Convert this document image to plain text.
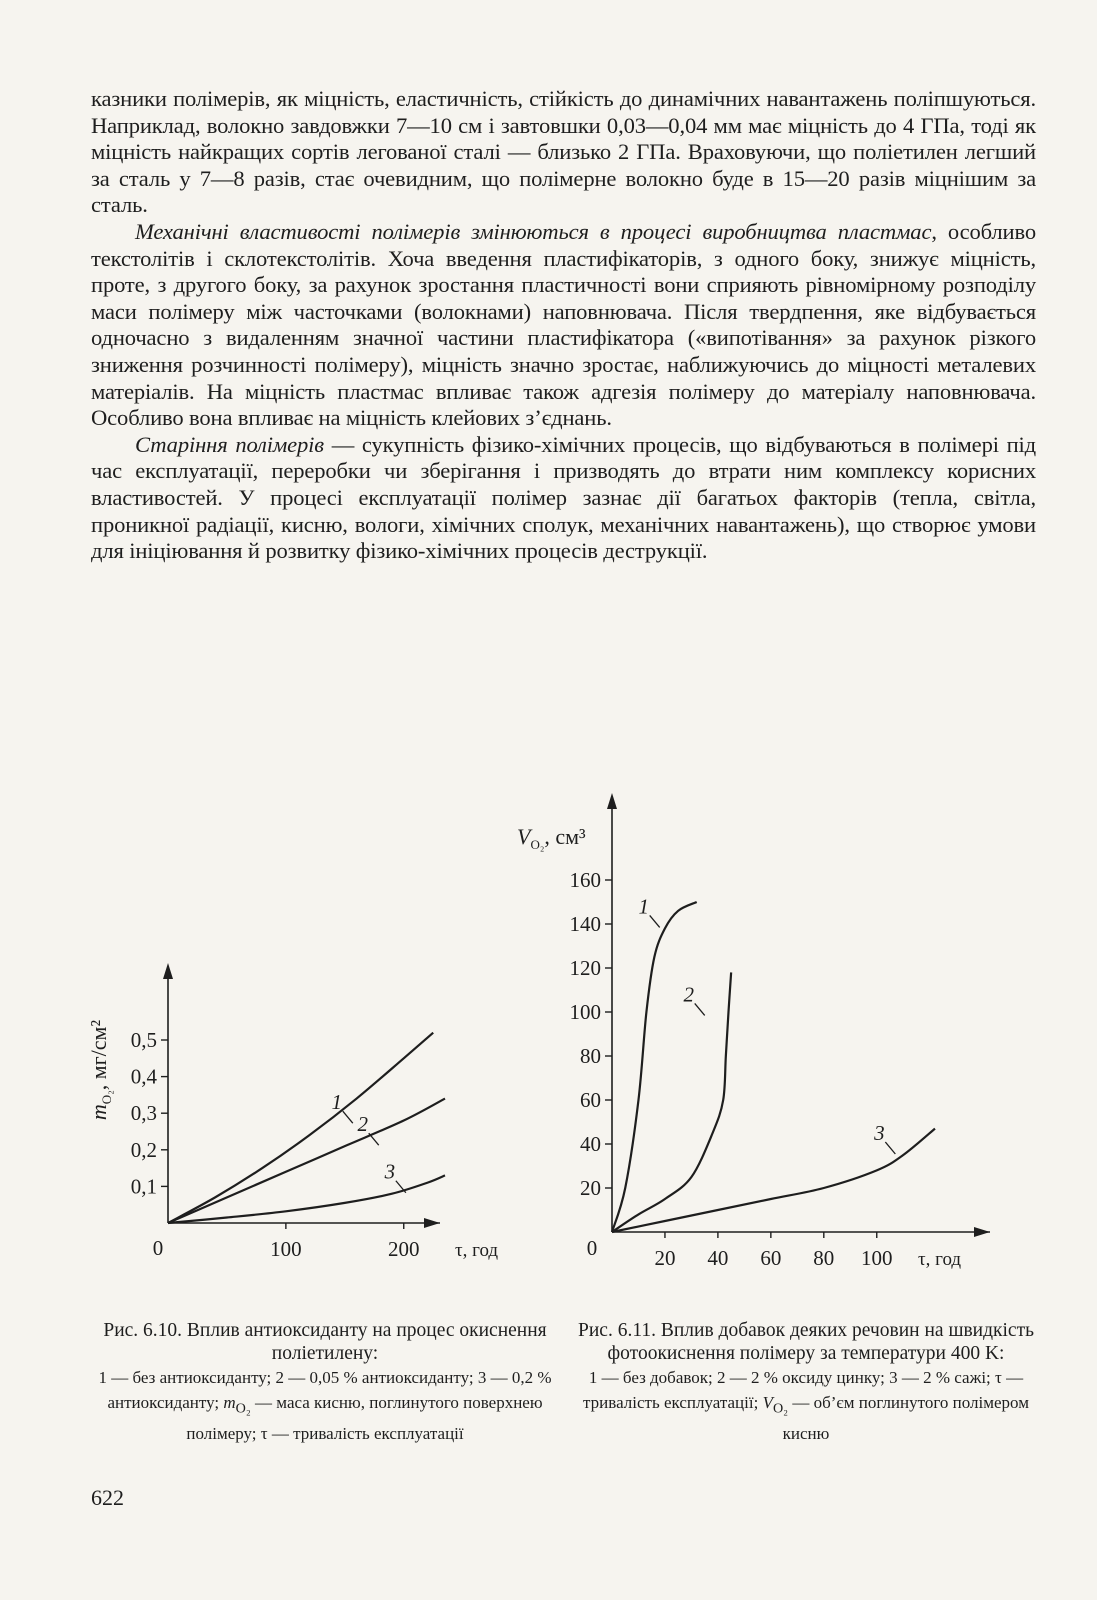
казники полімерів, як міцність, еластичність, стійкість до динамічних навантажень поліпшуються. Наприклад, волокно завдовжки 7—10 см і завтовшки 0,03—0,04 мм має міцність до 4 ГПа, тоді як міцність найкращих сортів легованої сталі — близько 2 ГПа. Враховуючи, що поліетилен легший за сталь у 7—8 разів, стає очевидним, що полімерне волокно буде в 15—20 разів міцнішим за сталь.

Механічні властивості полімерів змінюються в процесі виробництва пластмас, особливо текстолітів і склотекстолітів. Хоча введення пластифікаторів, з одного боку, знижує міцність, проте, з другого боку, за рахунок зростання пластичності вони сприяють рівномірному розподілу маси полімеру між часточками (волокнами) наповнювача. Після твердпення, яке відбувається одночасно з видаленням значної частини пластифікатора («випотівання» за рахунок різкого зниження розчинності полімеру), міцність значно зростає, наближуючись до міцності металевих матеріалів. На міцність пластмас впливає також адгезія полімеру до матеріалу наповнювача. Особливо вона впливає на міцність клейових з’єднань.

Старіння полімерів — сукупність фізико-хімічних процесів, що відбуваються в полімері під час експлуатації, переробки чи зберігання і призводять до втрати ним комплексу корисних властивостей. У процесі експлуатації полімер зазнає дії багатьох факторів (тепла, світла, проникної радіації, кисню, вологи, хімічних сполук, механічних навантажень), що створює умови для ініціювання й розвитку фізико-хімічних процесів деструкції.

0,1
0,2
0,3
0,4
0,5
100	200
0	τ, год
$m_{O_2}$, мг/см²
1
2
3
20
40
60
80
100
120
140
160
20 40 60 80 100
0	τ, год
$V_{O_2}$, см³
1
2
3
Рис. 6.10. Вплив антиоксиданту на процес окиснення поліетилену:
1 — без антиоксиданту; 2 — 0,05 % антиоксиданту; 3 — 0,2 % антиоксиданту; $m_{O_2}$ — маса кисню, поглинутого поверхнею полімеру; τ — тривалість експлуатації
Рис. 6.11. Вплив добавок деяких речовин на швидкість фотоокиснення полімеру за температури 400 K:
1 — без добавок; 2 — 2 % оксиду цинку; 3 — 2 % сажі; τ — тривалість експлуатації; $V_{O_2}$ — об’єм поглинутого полімером кисню
622
